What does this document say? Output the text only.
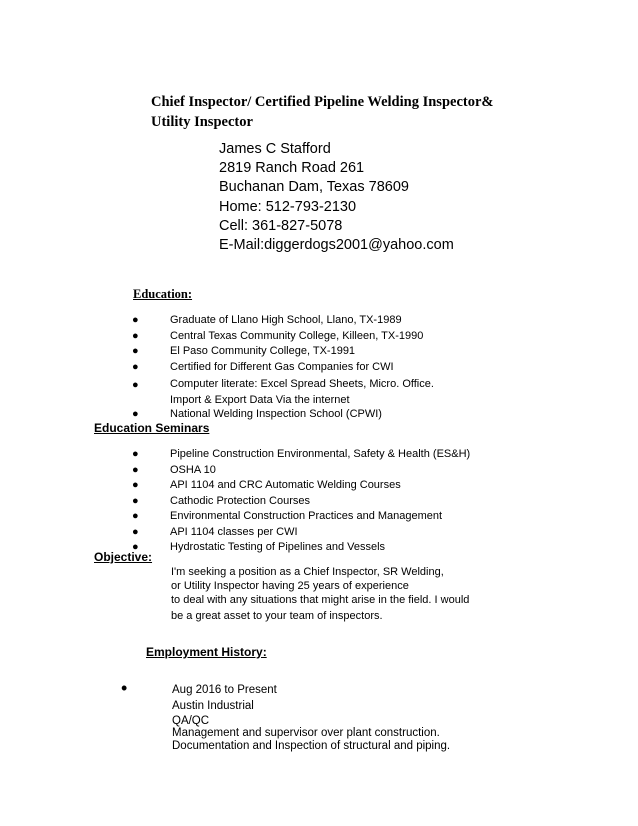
Chief Inspector/ Certified Pipeline Welding Inspector&
Utility Inspector
James C Stafford
2819 Ranch Road 261
Buchanan Dam, Texas 78609
Home: 512-793-2130
Cell: 361-827-5078
E-Mail:diggerdogs2001@yahoo.com
Education:
●	Graduate of Llano High School, Llano, TX-1989
●	Central Texas Community College, Killeen, TX-1990
●	El Paso Community College, TX-1991
●	Certified for Different Gas Companies for CWI
●	Computer literate: Excel Spread Sheets, Micro. Office.
Import & Export Data Via the internet
●	National Welding Inspection School (CPWI)
Education Seminars
●	Pipeline Construction Environmental, Safety & Health (ES&H)
●	OSHA 10
●	API 1104 and CRC Automatic Welding Courses
●	Cathodic Protection Courses
●	Environmental Construction Practices and Management
●	API 1104 classes per CWI
●	Hydrostatic Testing of Pipelines and Vessels
Objective:
I'm seeking a position as a Chief Inspector, SR Welding,
or Utility Inspector having 25 years of experience
to deal with any situations that might arise in the field. I would
be a great asset to your team of inspectors.
Employment History:
•	Aug 2016 to Present
Austin Industrial
QA/QC
Management and supervisor over plant construction.
Documentation and Inspection of structural and piping.
